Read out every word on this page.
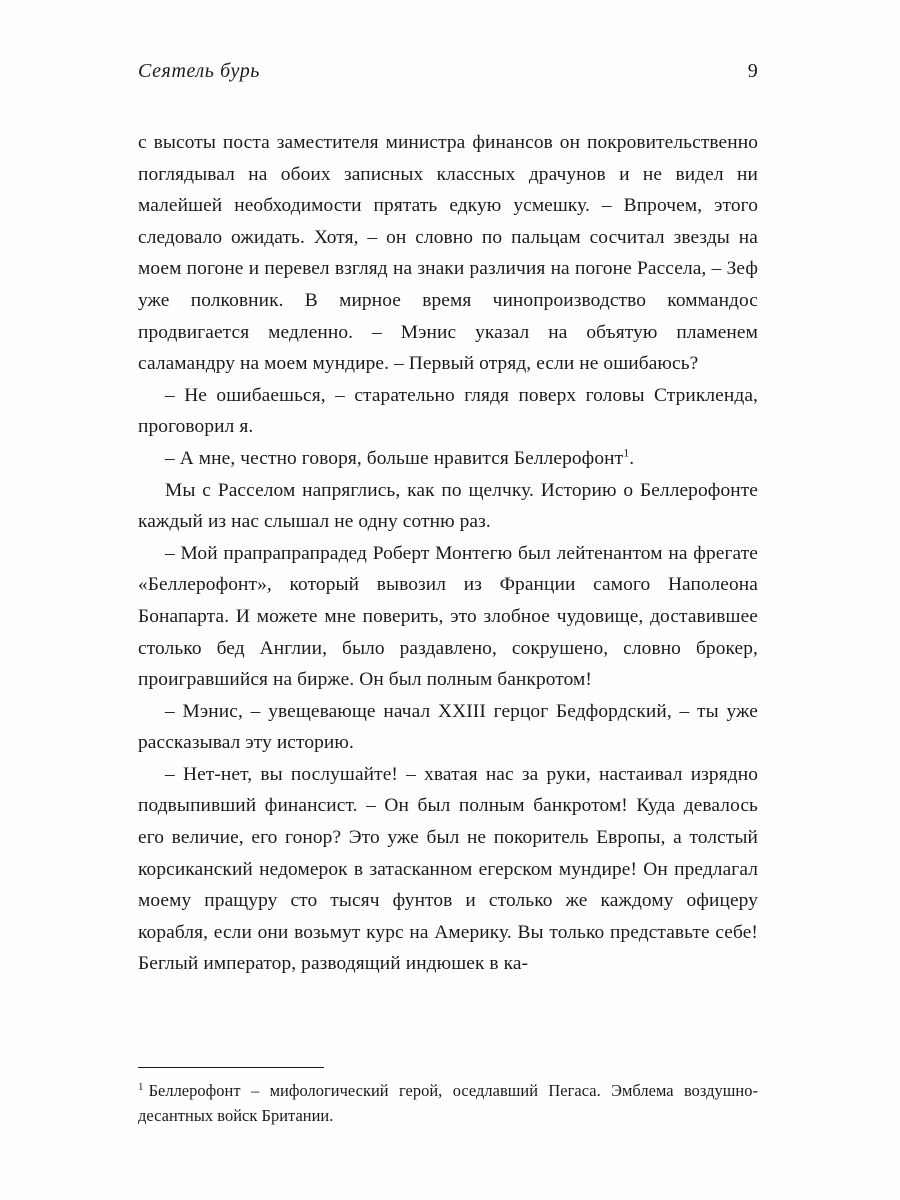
Сеятель бурь	9

с высоты поста заместителя министра финансов он покровительственно поглядывал на обоих записных классных драчунов и не видел ни малейшей необходимости прятать едкую усмешку. – Впрочем, этого следовало ожидать. Хотя, – он словно по пальцам сосчитал звезды на моем погоне и перевел взгляд на знаки различия на погоне Рассела, – Зеф уже полковник. В мирное время чинопроизводство коммандос продвигается медленно. – Мэнис указал на объятую пламенем саламандру на моем мундире. – Первый отряд, если не ошибаюсь?

– Не ошибаешься, – старательно глядя поверх головы Стрикленда, проговорил я.

– А мне, честно говоря, больше нравится Беллерофонт$^1$.

Мы с Расселом напряглись, как по щелчку. Историю о Беллерофонте каждый из нас слышал не одну сотню раз.

– Мой прапрапрапрадед Роберт Монтегю был лейтенантом на фрегате «Беллерофонт», который вывозил из Франции самого Наполеона Бонапарта. И можете мне поверить, это злобное чудовище, доставившее столько бед Англии, было раздавлено, сокрушено, словно брокер, проигравшийся на бирже. Он был полным банкротом!

– Мэнис, – увещевающе начал XXIII герцог Бедфордский, – ты уже рассказывал эту историю.

– Нет-нет, вы послушайте! – хватая нас за руки, настаивал изрядно подвыпивший финансист. – Он был полным банкротом! Куда девалось его величие, его гонор? Это уже был не покоритель Европы, а толстый корсиканский недомерок в затасканном егерском мундире! Он предлагал моему пращуру сто тысяч фунтов и столько же каждому офицеру корабля, если они возьмут курс на Америку. Вы только представьте себе! Беглый император, разводящий индюшек в ка-

$^1$ Беллерофонт – мифологический герой, оседлавший Пегаса. Эмблема воздушно-десантных войск Британии.
